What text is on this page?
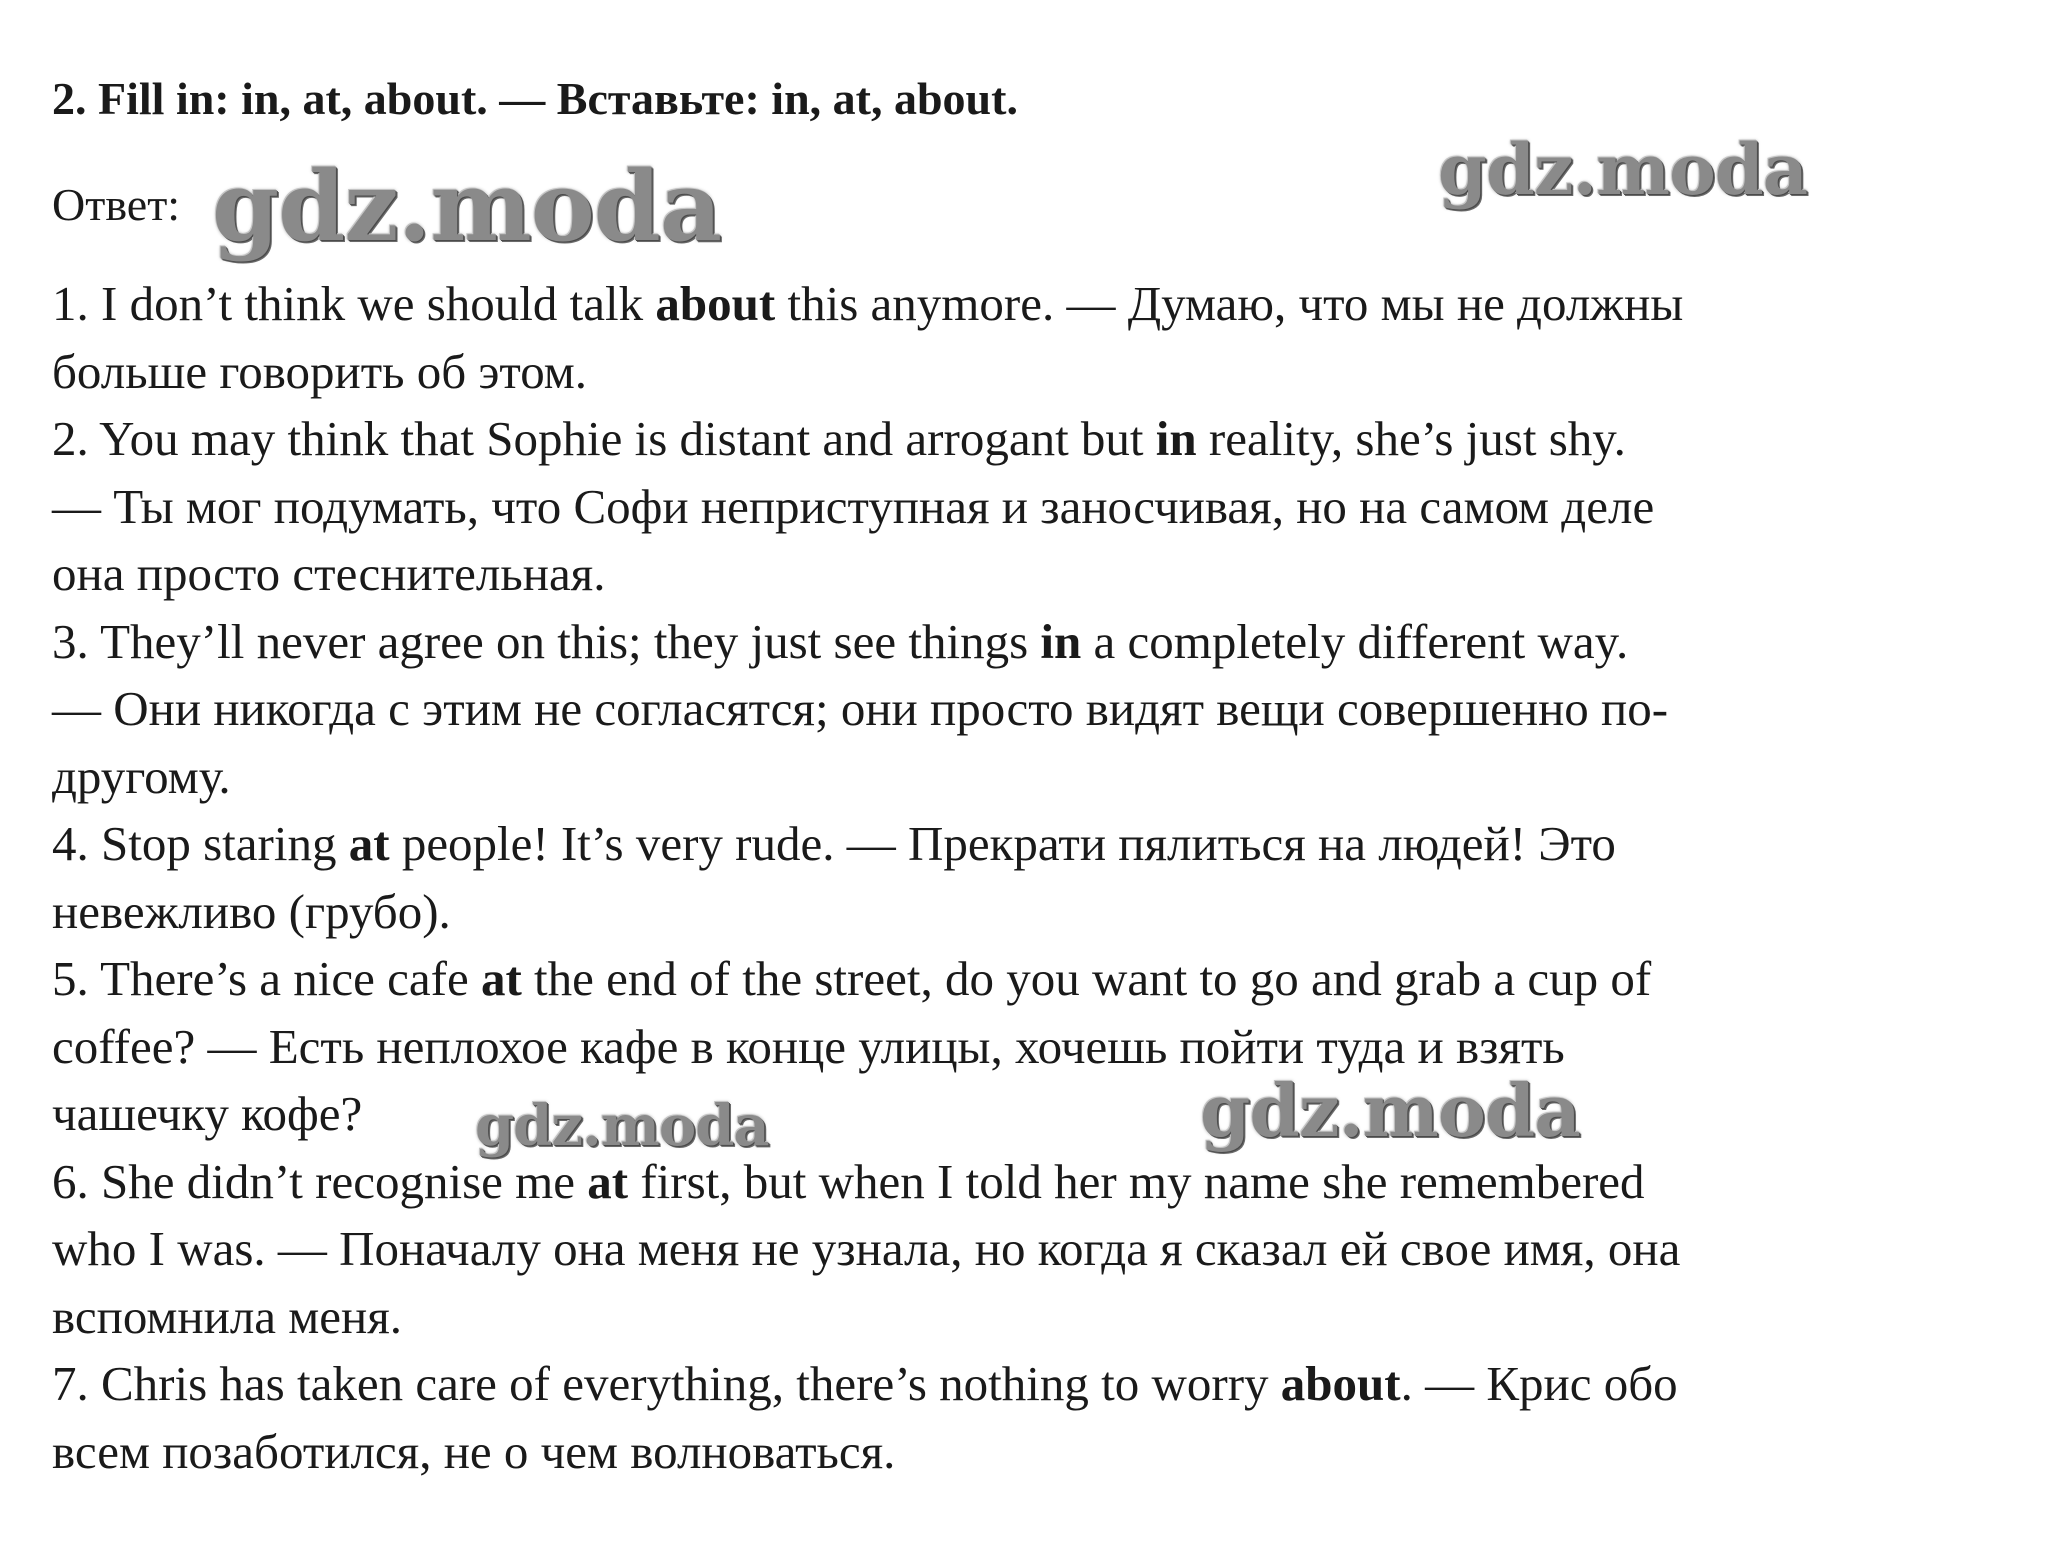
2. Fill in: in, at, about. — Вставьте: in, at, about.
Ответ:
1. I don’t think we should talk about this anymore. — Думаю, что мы не должны
больше говорить об этом.
2. You may think that Sophie is distant and arrogant but in reality, she’s just shy.
— Ты мог подумать, что Софи неприступная и заносчивая, но на самом деле
она просто стеснительная.
3. They’ll never agree on this; they just see things in a completely different way.
— Они никогда с этим не согласятся; они просто видят вещи совершенно по-
другому.
4. Stop staring at people! It’s very rude. — Прекрати пялиться на людей! Это
невежливо (грубо).
5. There’s a nice cafe at the end of the street, do you want to go and grab a cup of
coffee? — Есть неплохое кафе в конце улицы, хочешь пойти туда и взять
чашечку кофе?
6. She didn’t recognise me at first, but when I told her my name she remembered
who I was. — Поначалу она меня не узнала, но когда я сказал ей свое имя, она
вспомнила меня.
7. Chris has taken care of everything, there’s nothing to worry about. — Крис обо
всем позаботился, не о чем волноваться.
gdz.moda	gdz.moda
gdz.moda	gdz.moda
